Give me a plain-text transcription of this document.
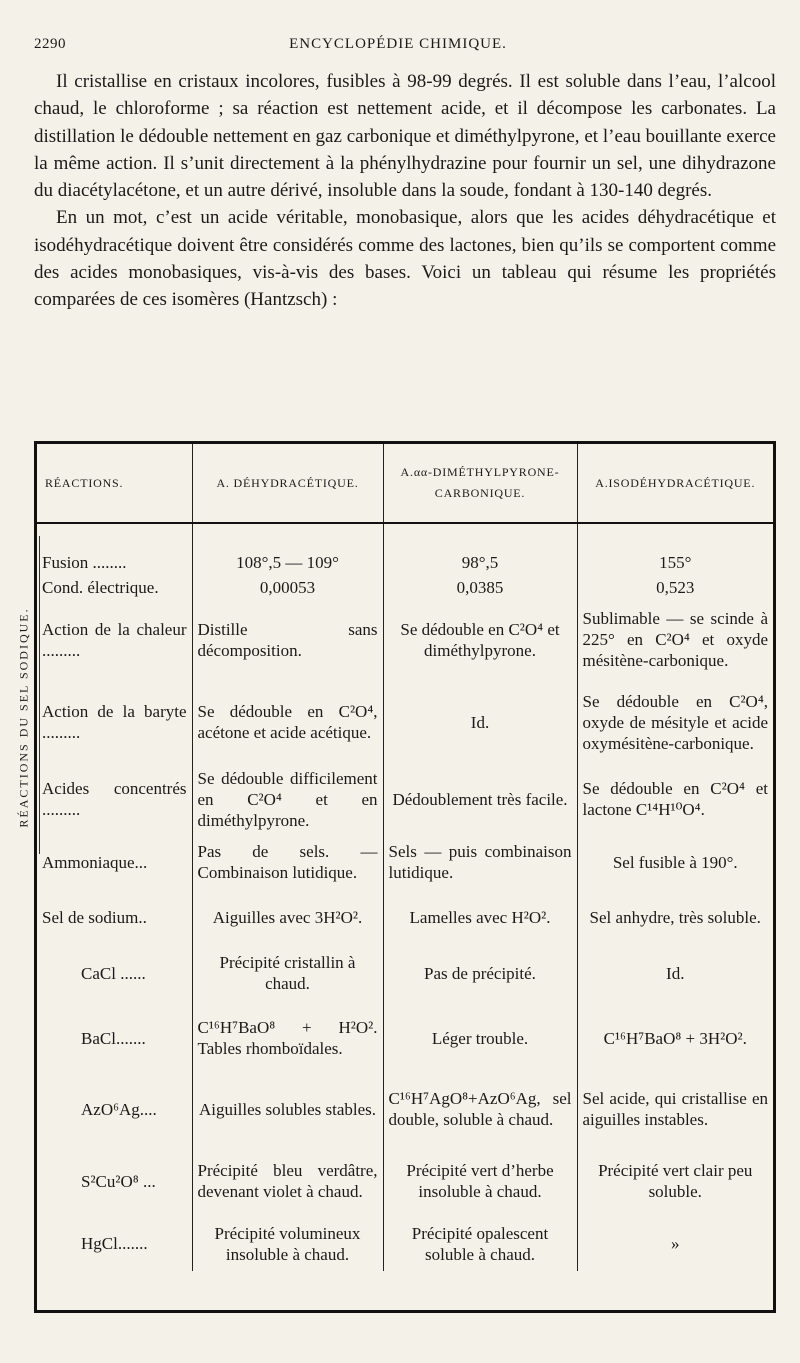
2290	ENCYCLOPÉDIE CHIMIQUE.

Il cristallise en cristaux incolores, fusibles à 98-99 degrés. Il est soluble dans l’eau, l’alcool chaud, le chloroforme ; sa réaction est nettement acide, et il décompose les carbonates. La distillation le dédouble nettement en gaz carbonique et diméthylpyrone, et l’eau bouillante exerce la même action. Il s’unit directement à la phénylhydrazine pour fournir un sel, une dihydrazone du diacétylacétone, et un autre dérivé, insoluble dans la soude, fondant à 130-140 degrés.

En un mot, c’est un acide véritable, monobasique, alors que les acides déhydracétique et isodéhydracétique doivent être considérés comme des lactones, bien qu’ils se comportent comme des acides monobasiques, vis-à-vis des bases. Voici un tableau qui résume les propriétés comparées de ces isomères (Hantzsch) :

RÉACTIONS.	A. DÉHYDRACÉTIQUE.	A.αα-DIMÉTHYLPYRONE-CARBONIQUE.	A.ISODÉHYDRACÉTIQUE.

Fusion ........	108°,5 — 109°	98°,5	155°
Cond. électrique.	0,00053	0,0385	0,523
Action de la chaleur .........	Distille sans décomposition.	Se dédouble en C²O⁴ et diméthylpyrone.	Sublimable — se scinde à 225° en C²O⁴ et oxyde mésitène-carbonique.
Action de la baryte .........	Se dédouble en C²O⁴, acétone et acide acétique.	Id.	Se dédouble en C²O⁴, oxyde de mésityle et acide oxymésitène-carbonique.
Acides concentrés .........	Se dédouble difficilement en C²O⁴ et en diméthylpyrone.	Dédoublement très facile.	Se dédouble en C²O⁴ et lactone C¹⁴H¹⁰O⁴.
Ammoniaque...	Pas de sels. — Combinaison lutidique.	Sels — puis combinaison lutidique.	Sel fusible à 190°.
Sel de sodium..	Aiguilles avec 3H²O².	Lamelles avec H²O².	Sel anhydre, très soluble.
CaCl ......	Précipité cristallin à chaud.	Pas de précipité.	Id.
BaCl.......	C¹⁶H⁷BaO⁸ + H²O². Tables rhomboïdales.	Léger trouble.	C¹⁶H⁷BaO⁸ + 3H²O².
AzO⁶Ag....	Aiguilles solubles stables.	C¹⁶H⁷AgO⁸+AzO⁶Ag, sel double, soluble à chaud.	Sel acide, qui cristallise en aiguilles instables.
S²Cu²O⁸ ...	Précipité bleu verdâtre, devenant violet à chaud.	Précipité vert d’herbe insoluble à chaud.	Précipité vert clair peu soluble.
HgCl.......	Précipité volumineux insoluble à chaud.	Précipité opalescent soluble à chaud.	»
RÉACTIONS DU SEL SODIQUE.
